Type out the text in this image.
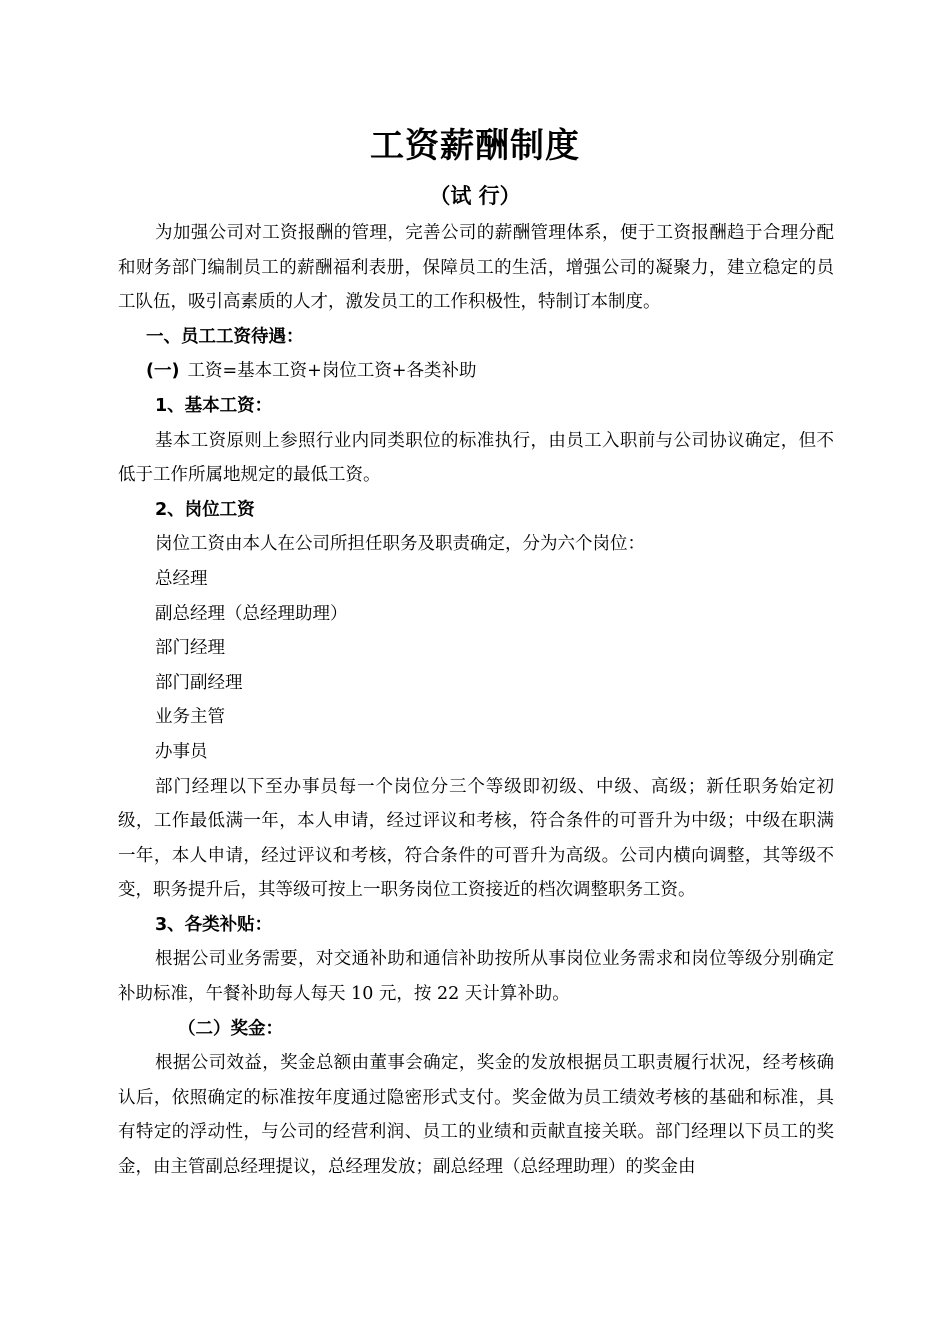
工资薪酬制度
（试 行）

为加强公司对工资报酬的管理，完善公司的薪酬管理体系，便于工资报酬趋于合理分配和财务部门编制员工的薪酬福利表册，保障员工的生活，增强公司的凝聚力，建立稳定的员工队伍，吸引高素质的人才，激发员工的工作积极性，特制订本制度。

一、员工工资待遇：

(一) 工资=基本工资+岗位工资+各类补助

1、基本工资：

基本工资原则上参照行业内同类职位的标准执行，由员工入职前与公司协议确定，但不低于工作所属地规定的最低工资。

2、岗位工资

岗位工资由本人在公司所担任职务及职责确定，分为六个岗位：

总经理

副总经理（总经理助理）

部门经理

部门副经理

业务主管

办事员

部门经理以下至办事员每一个岗位分三个等级即初级、中级、高级；新任职务始定初级，工作最低满一年，本人申请，经过评议和考核，符合条件的可晋升为中级；中级在职满一年，本人申请，经过评议和考核，符合条件的可晋升为高级。公司内横向调整，其等级不变，职务提升后，其等级可按上一职务岗位工资接近的档次调整职务工资。

3、各类补贴：

根据公司业务需要，对交通补助和通信补助按所从事岗位业务需求和岗位等级分别确定补助标准，午餐补助每人每天 10 元，按 22 天计算补助。

（二）奖金：

根据公司效益，奖金总额由董事会确定，奖金的发放根据员工职责履行状况，经考核确认后，依照确定的标准按年度通过隐密形式支付。奖金做为员工绩效考核的基础和标准，具有特定的浮动性，与公司的经营利润、员工的业绩和贡献直接关联。部门经理以下员工的奖金，由主管副总经理提议，总经理发放；副总经理（总经理助理）的奖金由
